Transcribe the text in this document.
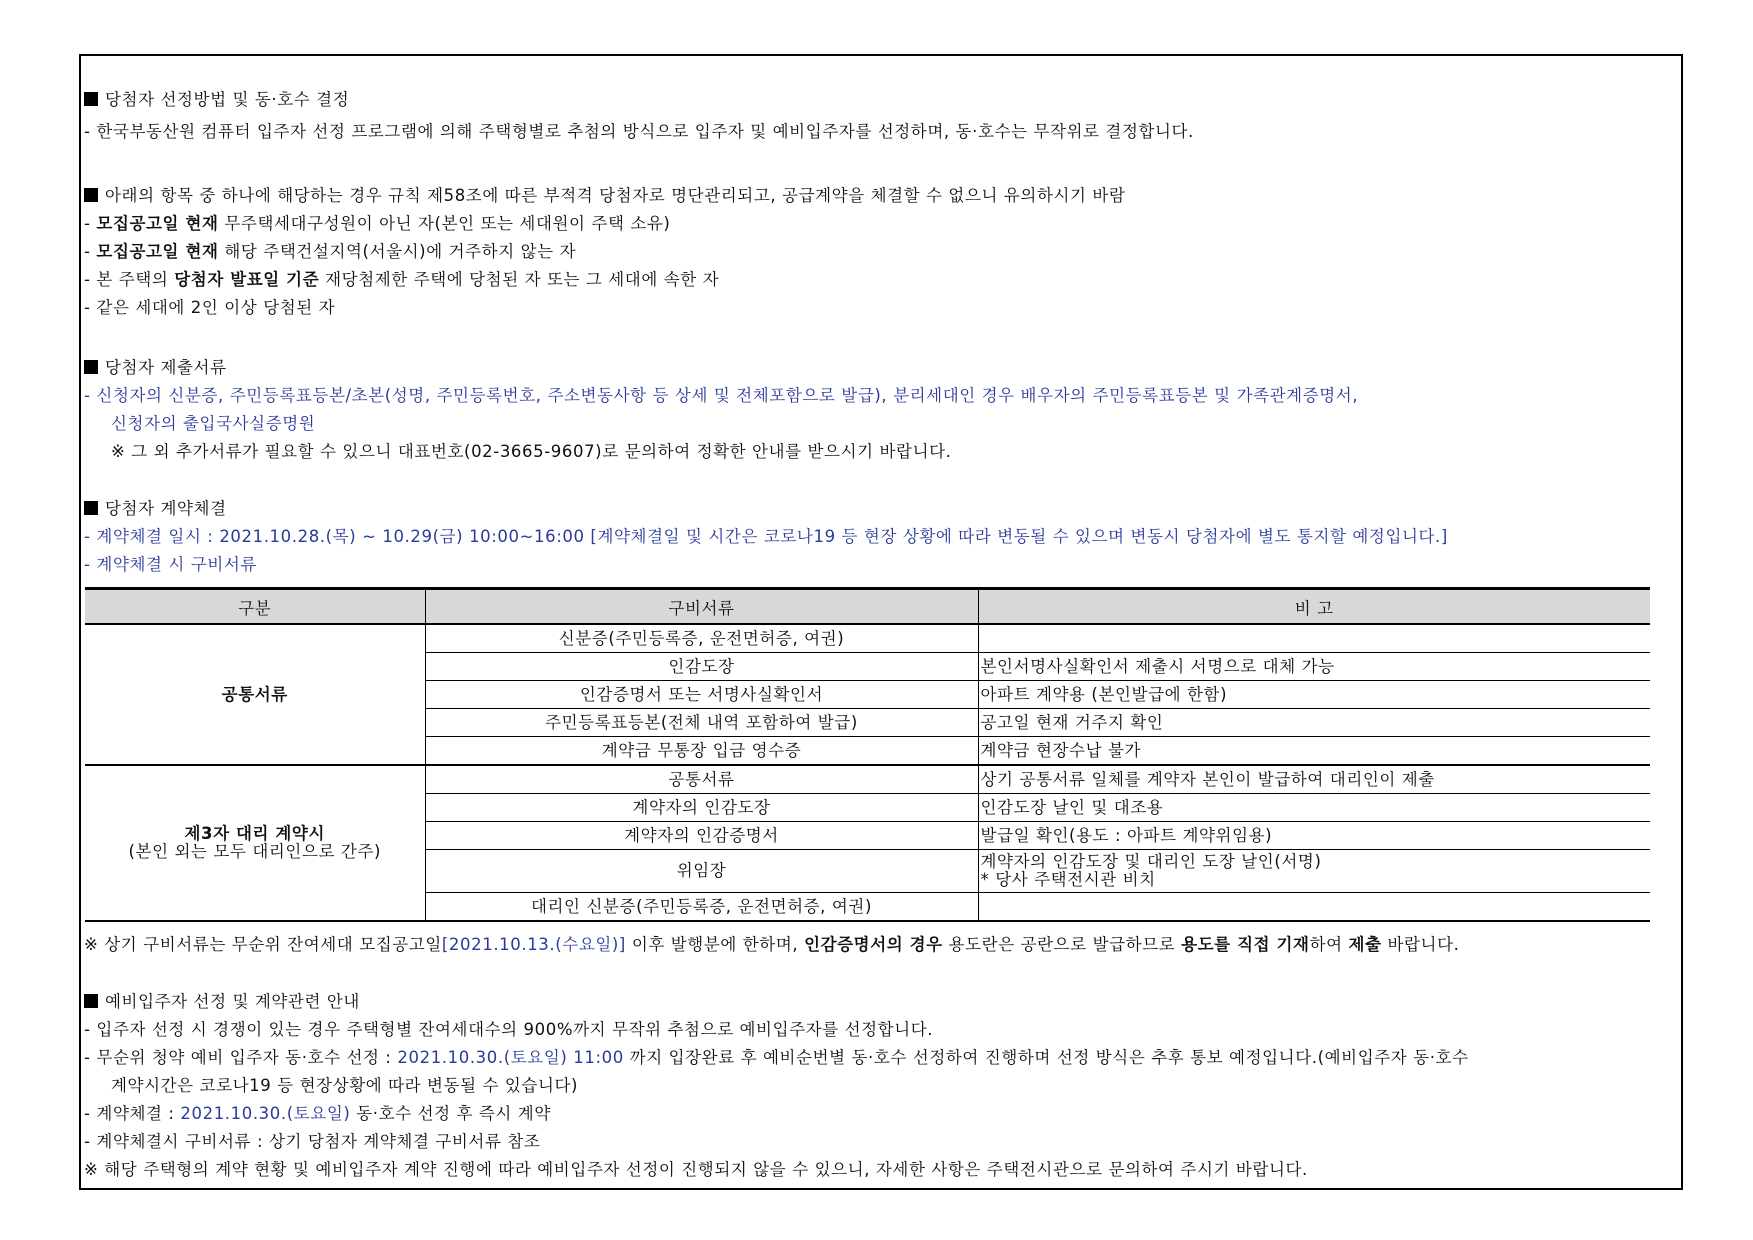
당첨자 선정방법 및 동·호수 결정
- 한국부동산원 컴퓨터 입주자 선정 프로그램에 의해 주택형별로 추첨의 방식으로 입주자 및 예비입주자를 선정하며, 동·호수는 무작위로 결정합니다.
아래의 항목 중 하나에 해당하는 경우 규칙 제58조에 따른 부적격 당첨자로 명단관리되고, 공급계약을 체결할 수 없으니 유의하시기 바람
- 모집공고일 현재 무주택세대구성원이 아닌 자(본인 또는 세대원이 주택 소유)
- 모집공고일 현재 해당 주택건설지역(서울시)에 거주하지 않는 자
- 본 주택의 당첨자 발표일 기준 재당첨제한 주택에 당첨된 자 또는 그 세대에 속한 자
- 같은 세대에 2인 이상 당첨된 자
당첨자 제출서류
- 신청자의 신분증, 주민등록표등본/초본(성명, 주민등록번호, 주소변동사항 등 상세 및 전체포함으로 발급), 분리세대인 경우 배우자의 주민등록표등본 및 가족관계증명서,
신청자의 출입국사실증명원
※ 그 외 추가서류가 필요할 수 있으니 대표번호(02-3665-9607)로 문의하여 정확한 안내를 받으시기 바랍니다.
당첨자 계약체결
- 계약체결 일시 : 2021.10.28.(목) ~ 10.29(금) 10:00~16:00 [계약체결일 및 시간은 코로나19 등 현장 상황에 따라 변동될 수 있으며 변동시 당첨자에 별도 통지할 예정입니다.]
- 계약체결 시 구비서류
구분	구비서류	비 고
공통서류	신분증(주민등록증, 운전면허증, 여권)	
	인감도장	본인서명사실확인서 제출시 서명으로 대체 가능
	인감증명서 또는 서명사실확인서	아파트 계약용 (본인발급에 한함)
	주민등록표등본(전체 내역 포함하여 발급)	공고일 현재 거주지 확인
	계약금 무통장 입금 영수증	계약금 현장수납 불가

제3자 대리 계약시
(본인 외는 모두 대리인으로 간주)	공통서류	상기 공통서류 일체를 계약자 본인이 발급하여 대리인이 제출
	계약자의 인감도장	인감도장 날인 및 대조용
	계약자의 인감증명서	발급일 확인(용도 : 아파트 계약위임용)
	위임장	계약자의 인감도장 및 대리인 도장 날인(서명)
* 당사 주택전시관 비치

	대리인 신분증(주민등록증, 운전면허증, 여권)	
※ 상기 구비서류는 무순위 잔여세대 모집공고일[2021.10.13.(수요일)] 이후 발행분에 한하며, 인감증명서의 경우 용도란은 공란으로 발급하므로 용도를 직접 기재하여 제출 바랍니다.
예비입주자 선정 및 계약관련 안내
- 입주자 선정 시 경쟁이 있는 경우 주택형별 잔여세대수의 900%까지 무작위 추첨으로 예비입주자를 선정합니다.
- 무순위 청약 예비 입주자 동·호수 선정 : 2021.10.30.(토요일) 11:00 까지 입장완료 후 예비순번별 동·호수 선정하여 진행하며 선정 방식은 추후 통보 예정입니다.(예비입주자 동·호수
계약시간은 코로나19 등 현장상황에 따라 변동될 수 있습니다)
- 계약체결 : 2021.10.30.(토요일) 동·호수 선정 후 즉시 계약
- 계약체결시 구비서류 : 상기 당첨자 계약체결 구비서류 참조
※ 해당 주택형의 계약 현황 및 예비입주자 계약 진행에 따라 예비입주자 선정이 진행되지 않을 수 있으니, 자세한 사항은 주택전시관으로 문의하여 주시기 바랍니다.
